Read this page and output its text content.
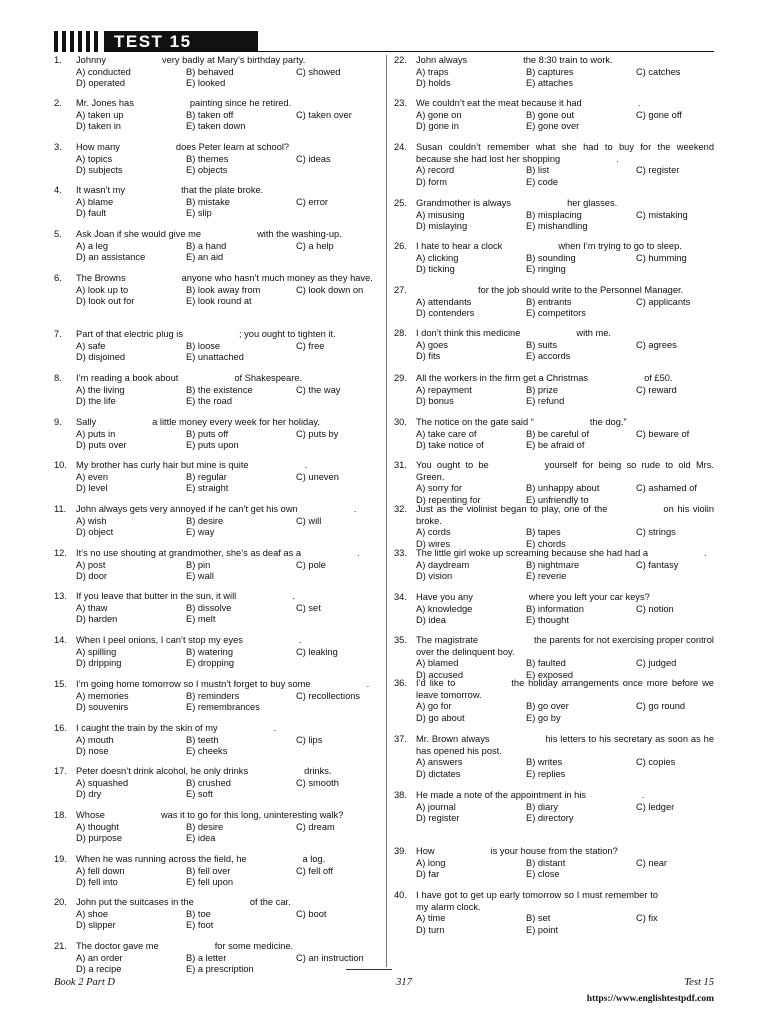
TEST 15
1.	Johnny	very badly at Mary’s birthday party.
A) conducted	B) behaved	C) showed
D) operated	E) looked
2.	Mr. Jones has	painting since he retired.
A) taken up	B) taken off	C) taken over
D) taken in	E) taken down
3.	How many	does Peter learn at school?
A) topics	B) themes	C) ideas
D) subjects	E) objects
4.	It wasn’t my	that the plate broke.
A) blame	B) mistake	C) error
D) fault	E) slip
5.	Ask Joan if she would give me	with the washing-up.
A) a leg	B) a hand	C) a help
D) an assistance	E) an aid
6.	The Browns	anyone who hasn’t much money as they have.
A) look up to	B) look away from	C) look down on
D) look out for	E) look round at
7.	Part of that electric plug is	; you ought to tighten it.
A) safe	B) loose	C) free
D) disjoined	E) unattached
8.	I’m reading a book about	of Shakespeare.
A) the living	B) the existence	C) the way
D) the life	E) the road
9.	Sally	a little money every week for her holiday.
A) puts in	B) puts off	C) puts by
D) puts over	E) puts upon
10. My brother has curly hair but mine is quite	.
A) even	B) regular	C) uneven
D) level	E) straight
11.	John always gets very annoyed if he can’t get his own	.
A) wish	B) desire	C) will
D) object	E) way
12. It’s no use shouting at grandmother, she’s as deaf as a	.
A) post	B) pin	C) pole
D) door	E) wall
13. If you leave that butter in the sun, it will	.
A) thaw	B) dissolve	C) set
D) harden	E) melt
14. When I peel onions, I can’t stop my eyes	.
A) spilling	B) watering	C) leaking
D) dripping	E) dropping
15. I’m going home tomorrow so I mustn’t forget to buy some	.
A) memories	B) reminders	C) recollections
D) souvenirs	E) remembrances
16. I caught the train by the skin of my	.
A) mouth	B) teeth	C) lips
D) nose	E) cheeks
17. Peter doesn’t drink alcohol, he only drinks	drinks.
A) squashed	B) crushed	C) smooth
D) dry	E) soft
18. Whose	was it to go for this long, uninteresting walk?
A) thought	B) desire	C) dream
D) purpose	E) idea
19. When he was running across the field, he	a log.
A) fell down	B) fell over	C) fell off
D) fell into	E) fell upon
20. John put the suitcases in the	of the car.
A) shoe	B) toe	C) boot
D) slipper	E) foot
21. The doctor gave me	for some medicine.
A) an order	B) a letter	C) an instruction
D) a recipe	E) a prescription
22. John always	the 8:30 train to work.
A) traps	B) captures	C) catches
D) holds	E) attaches
23. We couldn’t eat the meat because it had	.
A) gone on	B) gone out	C) gone off
D) gone in	E) gone over
24. Susan couldn’t remember what she had to buy for the weekend because she had lost her shopping	.
A) record	B) list	C) register
D) form	E) code
25. Grandmother is always	her glasses.
A) misusing	B) misplacing	C) mistaking
D) mislaying	E) mishandling
26. I hate to hear a clock	when I’m trying to go to sleep.
A) clicking	B) sounding	C) humming
D) ticking	E) ringing
27.	for the job should write to the Personnel Manager.
A) attendants	B) entrants	C) applicants
D) contenders	E) competitors
28. I don’t think this medicine	with me.
A) goes	B) suits	C) agrees
D) fits	E) accords
29. All the workers in the firm get a Christmas	of £50.
A) repayment	B) prize	C) reward
D) bonus	E) refund
30. The notice on the gate said “	the dog.”
A) take care of	B) be careful of	C) beware of
D) take notice of	E) be afraid of
31. You ought to be	yourself for being so rude to old Mrs. Green.
A) sorry for	B) unhappy about	C) ashamed of
D) repenting for	E) unfriendly to
32. Just as the violinist began to play, one of the	on his violin broke.
A) cords	B) tapes	C) strings
D) wires	E) chords
33. The little girl woke up screaming because she had had a	.
A) daydream	B) nightmare	C) fantasy
D) vision	E) reverie
34. Have you any	where you left your car keys?
A) knowledge	B) information	C) notion
D) idea	E) thought
35. The magistrate	the parents for not exercising proper control over the delinquent boy.
A) blamed	B) faulted	C) judged
D) accused	E) exposed
36. I’d like to	the holiday arrangements once more before we leave tomorrow.
A) go for	B) go over	C) go round
D) go about	E) go by
37. Mr. Brown always	his letters to his secretary as soon as he has opened his post.
A) answers	B) writes	C) copies
D) dictates	E) replies
38. He made a note of the appointment in his	.
A) journal	B) diary	C) ledger
D) register	E) directory
39. How	is your house from the station?
A) long	B) distant	C) near
D) far	E) close
40. I have got to get up early tomorrow so I must remember tomy alarm clock.
A) time	B) set	C) fix
D) turn	E) point
Book 2 Part D	317	Test 15
https://www.englishtestpdf.com
